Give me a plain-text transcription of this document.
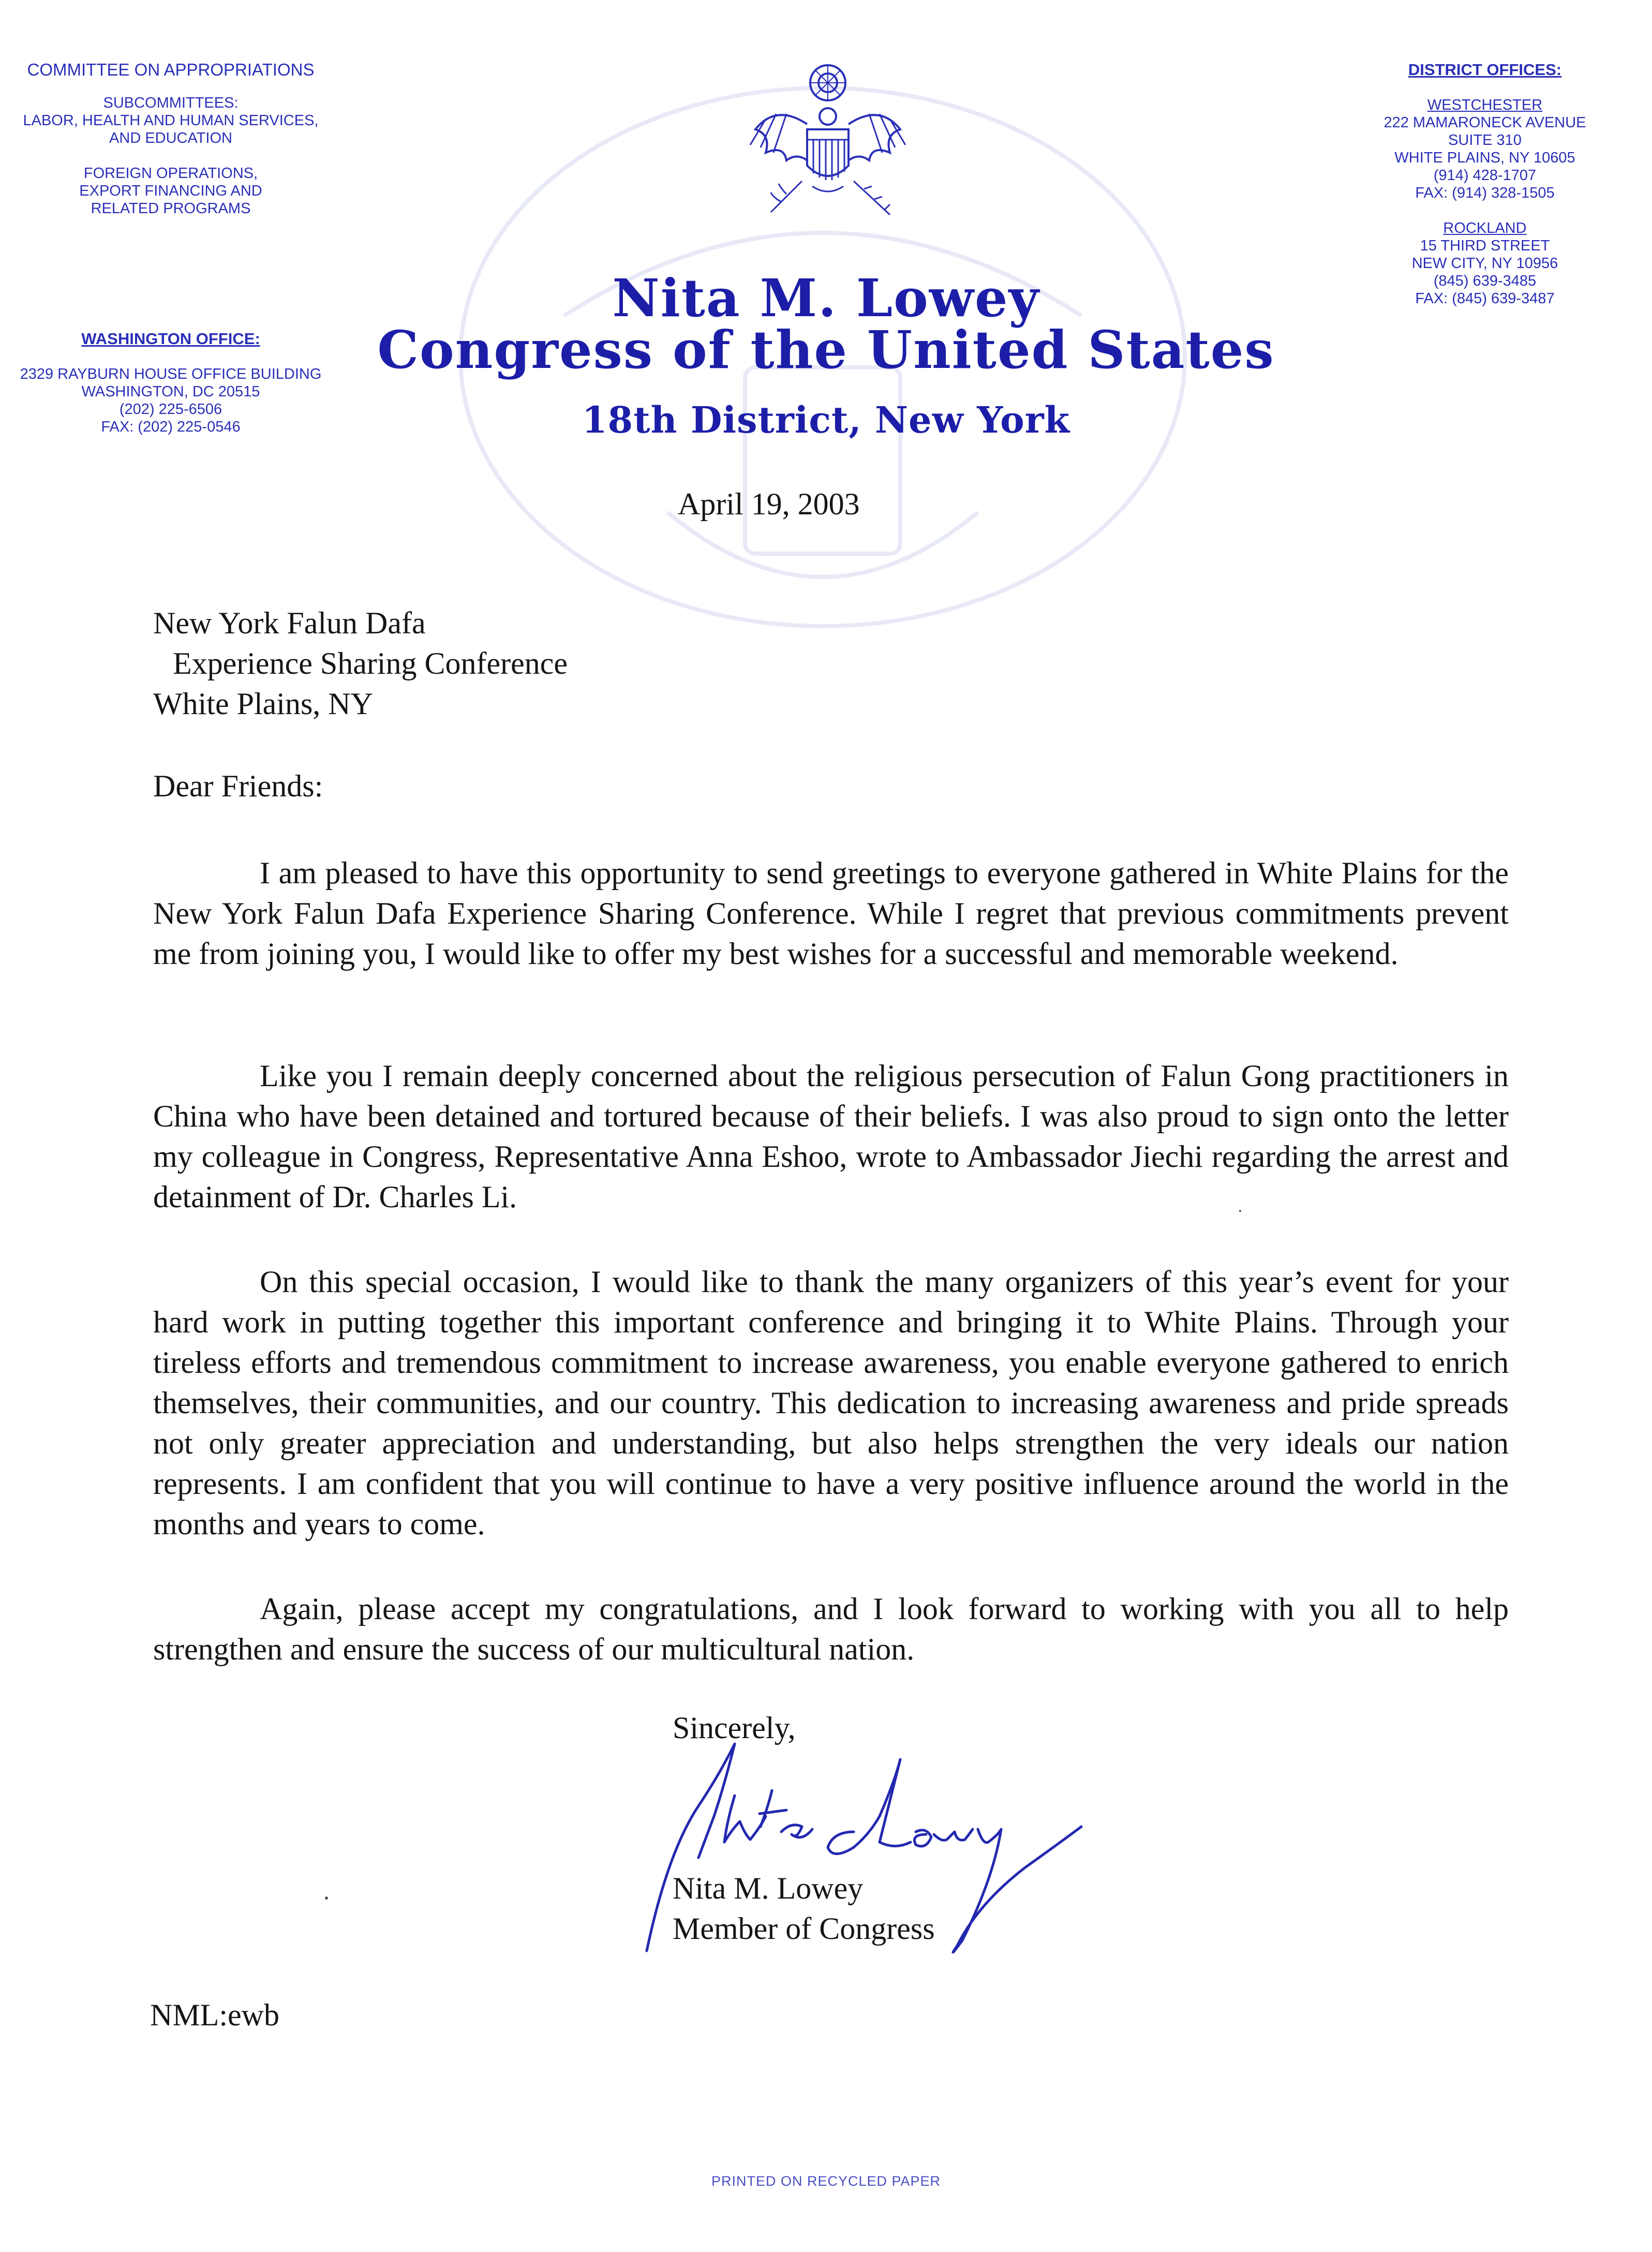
COMMITTEE ON APPROPRIATIONS
SUBCOMMITTEES:
LABOR, HEALTH AND HUMAN SERVICES,
AND EDUCATION
FOREIGN OPERATIONS,
EXPORT FINANCING AND
RELATED PROGRAMS
WASHINGTON OFFICE:
2329 RAYBURN HOUSE OFFICE BUILDING
WASHINGTON, DC 20515
(202) 225-6506
FAX: (202) 225-0546
DISTRICT OFFICES:
WESTCHESTER
222 MAMARONECK AVENUE
SUITE 310
WHITE PLAINS, NY 10605
(914) 428-1707
FAX: (914) 328-1505
ROCKLAND
15 THIRD STREET
NEW CITY, NY 10956
(845) 639-3485
FAX: (845) 639-3487
Nita M. Lowey
Congress of the United States
18th District, New York
April 19, 2003
New York Falun Dafa
Experience Sharing Conference
White Plains, NY
Dear Friends:

I am pleased to have this opportunity to send greetings to everyone gathered in White Plains for the New York Falun Dafa Experience Sharing Conference. While I regret that previous commitments prevent me from joining you, I would like to offer my best wishes for a successful and memorable weekend.

Like you I remain deeply concerned about the religious persecution of Falun Gong practitioners in China who have been detained and tortured because of their beliefs. I was also proud to sign onto the letter my colleague in Congress, Representative Anna Eshoo, wrote to Ambassador Jiechi regarding the arrest and detainment of Dr. Charles Li.

On this special occasion, I would like to thank the many organizers of this year’s event for your hard work in putting together this important conference and bringing it to White Plains. Through your tireless efforts and tremendous commitment to increase awareness, you enable everyone gathered to enrich themselves, their communities, and our country. This dedication to increasing awareness and pride spreads not only greater appreciation and understanding, but also helps strengthen the very ideals our nation represents. I am confident that you will continue to have a very positive influence around the world in the months and years to come.

Again, please accept my congratulations, and I look forward to working with you all to help strengthen and ensure the success of our multicultural nation.

Sincerely,
Nita M. Lowey
Member of Congress
NML:ewb
PRINTED ON RECYCLED PAPER
